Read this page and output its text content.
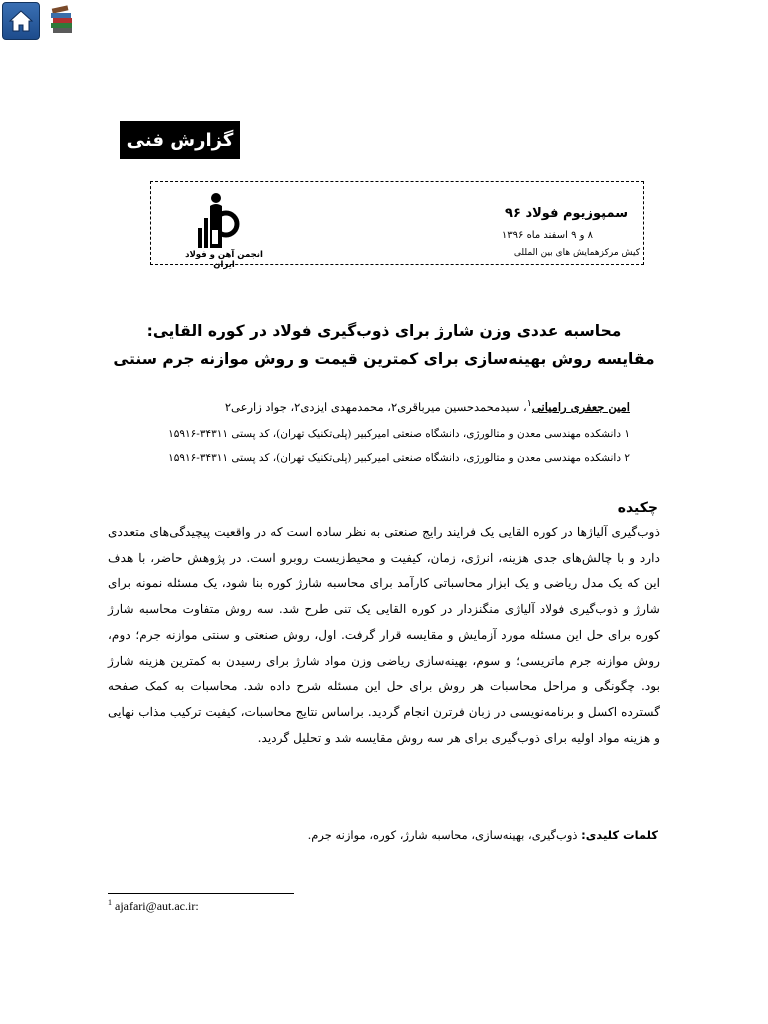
گزارش فنی
سمپوزیوم فولاد ۹۶
۸ و ۹ اسفند ماه ۱۳۹۶
کیش مرکزهمایش های بین المللی
انجمن آهن و فولاد ایران
محاسبه عددی وزن شارژ برای ذوب‌گیری فولاد در کوره القایی:
مقایسه روش بهینه‌سازی برای کمترین قیمت و روش موازنه جرم سنتی
امین جعفری رامیانی$^۱$، سیدمحمدحسین میرباقری۲، محمدمهدی ایزدی۲، جواد زارعی۲
۱ دانشکده مهندسی معدن و متالورژی، دانشگاه صنعتی امیرکبیر (پلی‌تکنیک تهران)، کد پستی ۳۴۳۱۱-۱۵۹۱۶
۲ دانشکده مهندسی معدن و متالورژی، دانشگاه صنعتی امیرکبیر (پلی‌تکنیک تهران)، کد پستی ۳۴۳۱۱-۱۵۹۱۶
چکیده
ذوب‌گیری آلیاژها در کوره القایی یک فرایند رایج صنعتی به نظر ساده است که در واقعیت پیچیدگی‌های متعددی دارد و با چالش‌های جدی هزینه، انرژی، زمان، کیفیت و محیط‌زیست روبرو است. در پژوهش حاضر، با هدف این که یک مدل ریاضی و یک ابزار محاسباتی کارآمد برای محاسبه شارژ کوره بنا شود، یک مسئله نمونه برای شارژ و ذوب‌گیری فولاد آلیاژی منگنزدار در کوره القایی یک تنی طرح شد. سه روش متفاوت محاسبه شارژ کوره برای حل این مسئله مورد آزمایش و مقایسه قرار گرفت. اول، روش صنعتی و سنتی موازنه جرم؛ دوم، روش موازنه جرم ماتریسی؛ و سوم، بهینه‌سازی ریاضی وزن مواد شارژ برای رسیدن به کمترین هزینه شارژ بود. چگونگی و مراحل محاسبات هر روش برای حل این مسئله شرح داده شد. محاسبات به کمک صفحه گسترده اکسل و برنامه‌نویسی در زبان فرترن انجام گردید. براساس نتایج محاسبات، کیفیت ترکیب مذاب نهایی و هزینه مواد اولیه برای ذوب‌گیری برای هر سه روش مقایسه شد و تحلیل گردید.
کلمات کلیدی: ذوب‌گیری، بهینه‌سازی، محاسبه شارژ، کوره، موازنه جرم.
$^1$ ajafari@aut.ac.ir:
